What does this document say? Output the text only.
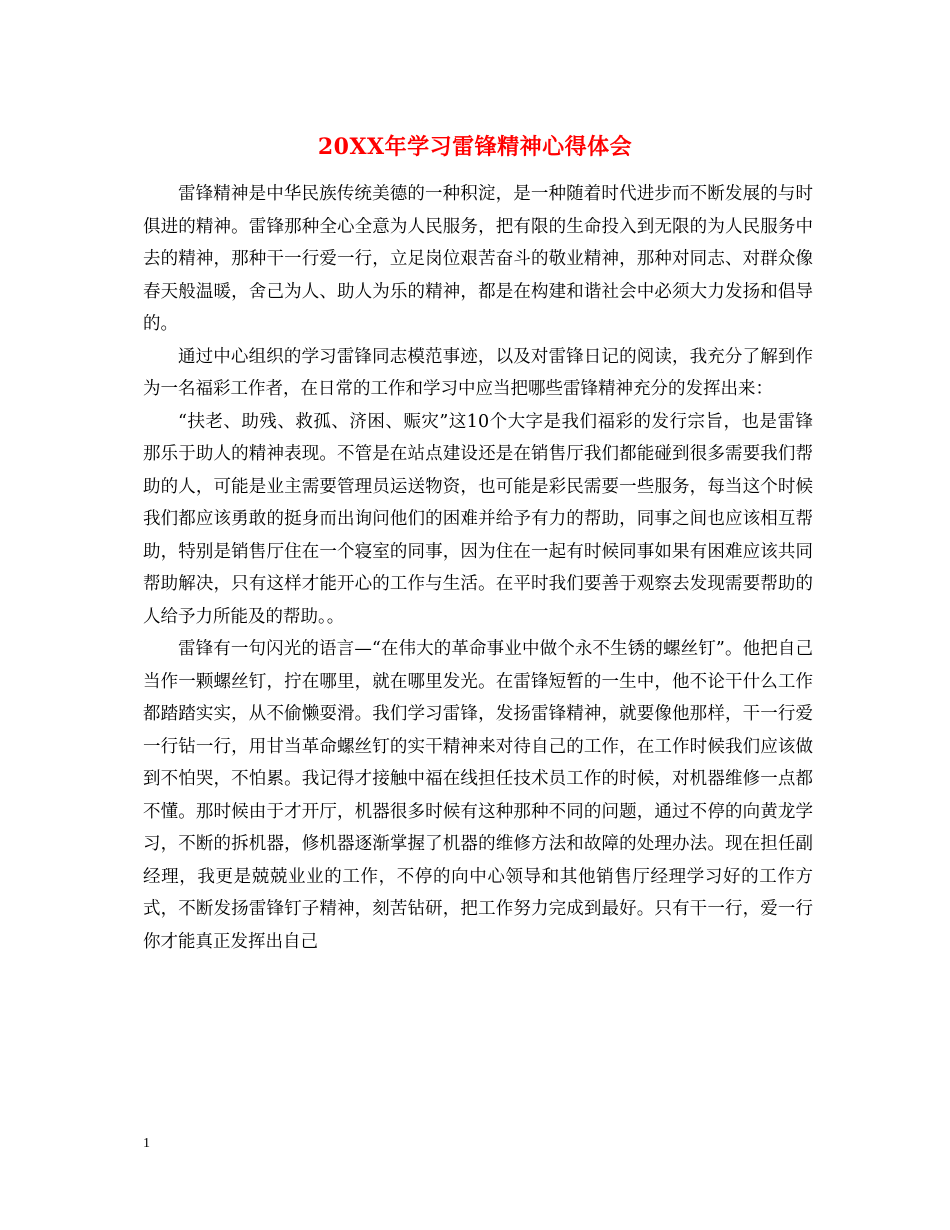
20XX年学习雷锋精神心得体会

雷锋精神是中华民族传统美德的一种积淀，是一种随着时代进步而不断发展的与时俱进的精神。雷锋那种全心全意为人民服务，把有限的生命投入到无限的为人民服务中去的精神，那种干一行爱一行，立足岗位艰苦奋斗的敬业精神，那种对同志、对群众像春天般温暖，舍己为人、助人为乐的精神，都是在构建和谐社会中必须大力发扬和倡导的。

通过中心组织的学习雷锋同志模范事迹，以及对雷锋日记的阅读，我充分了解到作为一名福彩工作者，在日常的工作和学习中应当把哪些雷锋精神充分的发挥出来：

“扶老、助残、救孤、济困、赈灾”这10个大字是我们福彩的发行宗旨，也是雷锋那乐于助人的精神表现。不管是在站点建设还是在销售厅我们都能碰到很多需要我们帮助的人，可能是业主需要管理员运送物资，也可能是彩民需要一些服务，每当这个时候我们都应该勇敢的挺身而出询问他们的困难并给予有力的帮助，同事之间也应该相互帮助，特别是销售厅住在一个寝室的同事，因为住在一起有时候同事如果有困难应该共同帮助解决，只有这样才能开心的工作与生活。在平时我们要善于观察去发现需要帮助的人给予力所能及的帮助。。

雷锋有一句闪光的语言—“在伟大的革命事业中做个永不生锈的螺丝钉”。他把自己当作一颗螺丝钉，拧在哪里，就在哪里发光。在雷锋短暂的一生中，他不论干什么工作都踏踏实实，从不偷懒耍滑。我们学习雷锋，发扬雷锋精神，就要像他那样，干一行爱一行钻一行，用甘当革命螺丝钉的实干精神来对待自己的工作，在工作时候我们应该做到不怕哭，不怕累。我记得才接触中福在线担任技术员工作的时候，对机器维修一点都不懂。那时候由于才开厅，机器很多时候有这种那种不同的问题，通过不停的向黄龙学习，不断的拆机器，修机器逐渐掌握了机器的维修方法和故障的处理办法。现在担任副经理，我更是兢兢业业的工作，不停的向中心领导和其他销售厅经理学习好的工作方式，不断发扬雷锋钉子精神，刻苦钻研，把工作努力完成到最好。只有干一行，爱一行你才能真正发挥出自己

1
